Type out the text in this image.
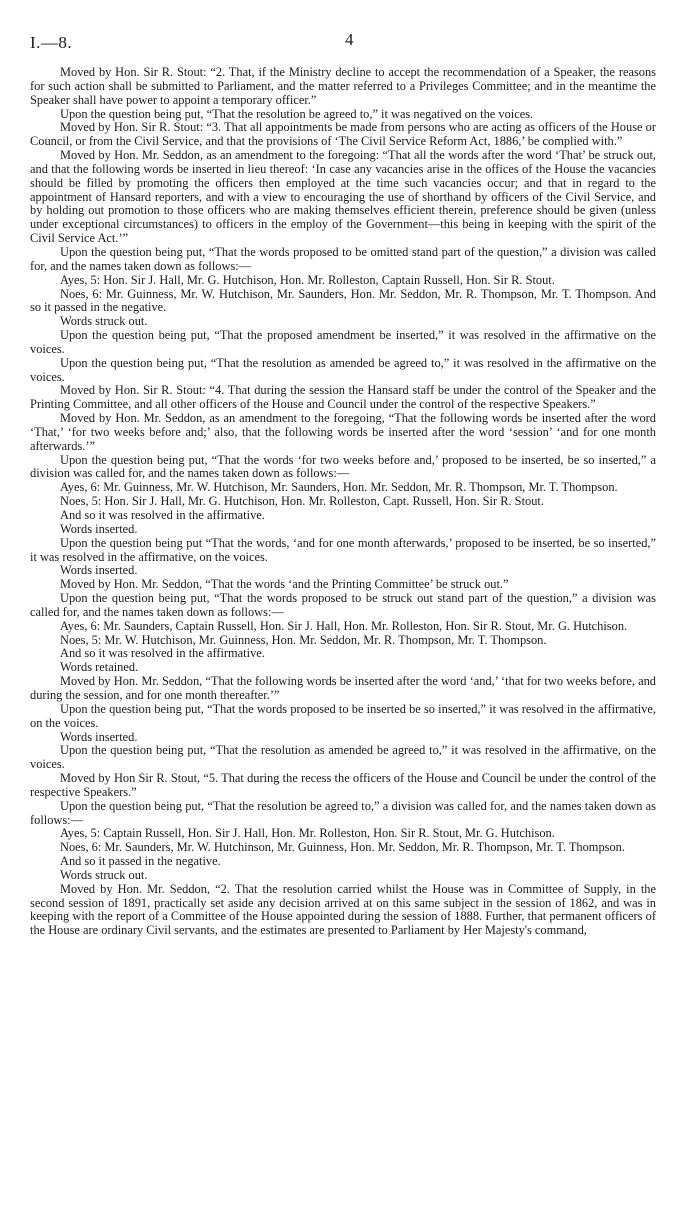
I.—8.	4

Moved by Hon. Sir R. Stout: “2. That, if the Ministry decline to accept the recommendation of a Speaker, the reasons for such action shall be submitted to Parliament, and the matter referred to a Privileges Committee; and in the meantime the Speaker shall have power to appoint a temporary officer.”

Upon the question being put, “That the resolution be agreed to,” it was negatived on the voices.

Moved by Hon. Sir R. Stout: “3. That all appointments be made from persons who are acting as officers of the House or Council, or from the Civil Service, and that the provisions of ‘The Civil Service Reform Act, 1886,’ be complied with.”

Moved by Hon. Mr. Seddon, as an amendment to the foregoing: “That all the words after the word ‘That’ be struck out, and that the following words be inserted in lieu thereof: ‘In case any vacancies arise in the offices of the House the vacancies should be filled by promoting the officers then employed at the time such vacancies occur; and that in regard to the appointment of Hansard reporters, and with a view to encouraging the use of shorthand by officers of the Civil Service, and by holding out promotion to those officers who are making themselves efficient therein, preference should be given (unless under exceptional circumstances) to officers in the employ of the Government—this being in keeping with the spirit of the Civil Service Act.’”

Upon the question being put, “That the words proposed to be omitted stand part of the question,” a division was called for, and the names taken down as follows:—

Ayes, 5: Hon. Sir J. Hall, Mr. G. Hutchison, Hon. Mr. Rolleston, Captain Russell, Hon. Sir R. Stout.

Noes, 6: Mr. Guinness, Mr. W. Hutchison, Mr. Saunders, Hon. Mr. Seddon, Mr. R. Thompson, Mr. T. Thompson. And so it passed in the negative.

Words struck out.

Upon the question being put, “That the proposed amendment be inserted,” it was resolved in the affirmative on the voices.

Upon the question being put, “That the resolution as amended be agreed to,” it was resolved in the affirmative on the voices.

Moved by Hon. Sir R. Stout: “4. That during the session the Hansard staff be under the control of the Speaker and the Printing Committee, and all other officers of the House and Council under the control of the respective Speakers.”

Moved by Hon. Mr. Seddon, as an amendment to the foregoing, “That the following words be inserted after the word ‘That,’ ‘for two weeks before and;’ also, that the following words be inserted after the word ‘session’ ‘and for one month afterwards.’”

Upon the question being put, “That the words ‘for two weeks before and,’ proposed to be inserted, be so inserted,” a division was called for, and the names taken down as follows:—

Ayes, 6: Mr. Guinness, Mr. W. Hutchison, Mr. Saunders, Hon. Mr. Seddon, Mr. R. Thompson, Mr. T. Thompson.

Noes, 5: Hon. Sir J. Hall, Mr. G. Hutchison, Hon. Mr. Rolleston, Capt. Russell, Hon. Sir R. Stout.

And so it was resolved in the affirmative.

Words inserted.

Upon the question being put “That the words, ‘and for one month afterwards,’ proposed to be inserted, be so inserted,” it was resolved in the affirmative, on the voices.

Words inserted.

Moved by Hon. Mr. Seddon, “That the words ‘and the Printing Committee’ be struck out.”

Upon the question being put, “That the words proposed to be struck out stand part of the question,” a division was called for, and the names taken down as follows:—

Ayes, 6: Mr. Saunders, Captain Russell, Hon. Sir J. Hall, Hon. Mr. Rolleston, Hon. Sir R. Stout, Mr. G. Hutchison.

Noes, 5: Mr. W. Hutchison, Mr. Guinness, Hon. Mr. Seddon, Mr. R. Thompson, Mr. T. Thompson.

And so it was resolved in the affirmative.

Words retained.

Moved by Hon. Mr. Seddon, “That the following words be inserted after the word ‘and,’ ‘that for two weeks before, and during the session, and for one month thereafter.’”

Upon the question being put, “That the words proposed to be inserted be so inserted,” it was resolved in the affirmative, on the voices.

Words inserted.

Upon the question being put, “That the resolution as amended be agreed to,” it was resolved in the affirmative, on the voices.

Moved by Hon Sir R. Stout, “5. That during the recess the officers of the House and Council be under the control of the respective Speakers.”

Upon the question being put, “That the resolution be agreed to,” a division was called for, and the names taken down as follows:—

Ayes, 5: Captain Russell, Hon. Sir J. Hall, Hon. Mr. Rolleston, Hon. Sir R. Stout, Mr. G. Hutchison.

Noes, 6: Mr. Saunders, Mr. W. Hutchinson, Mr. Guinness, Hon. Mr. Seddon, Mr. R. Thompson, Mr. T. Thompson.

And so it passed in the negative.

Words struck out.

Moved by Hon. Mr. Seddon, “2. That the resolution carried whilst the House was in Committee of Supply, in the second session of 1891, practically set aside any decision arrived at on this same subject in the session of 1862, and was in keeping with the report of a Committee of the House appointed during the session of 1888. Further, that permanent officers of the House are ordinary Civil servants, and the estimates are presented to Parliament by Her Majesty's command,
